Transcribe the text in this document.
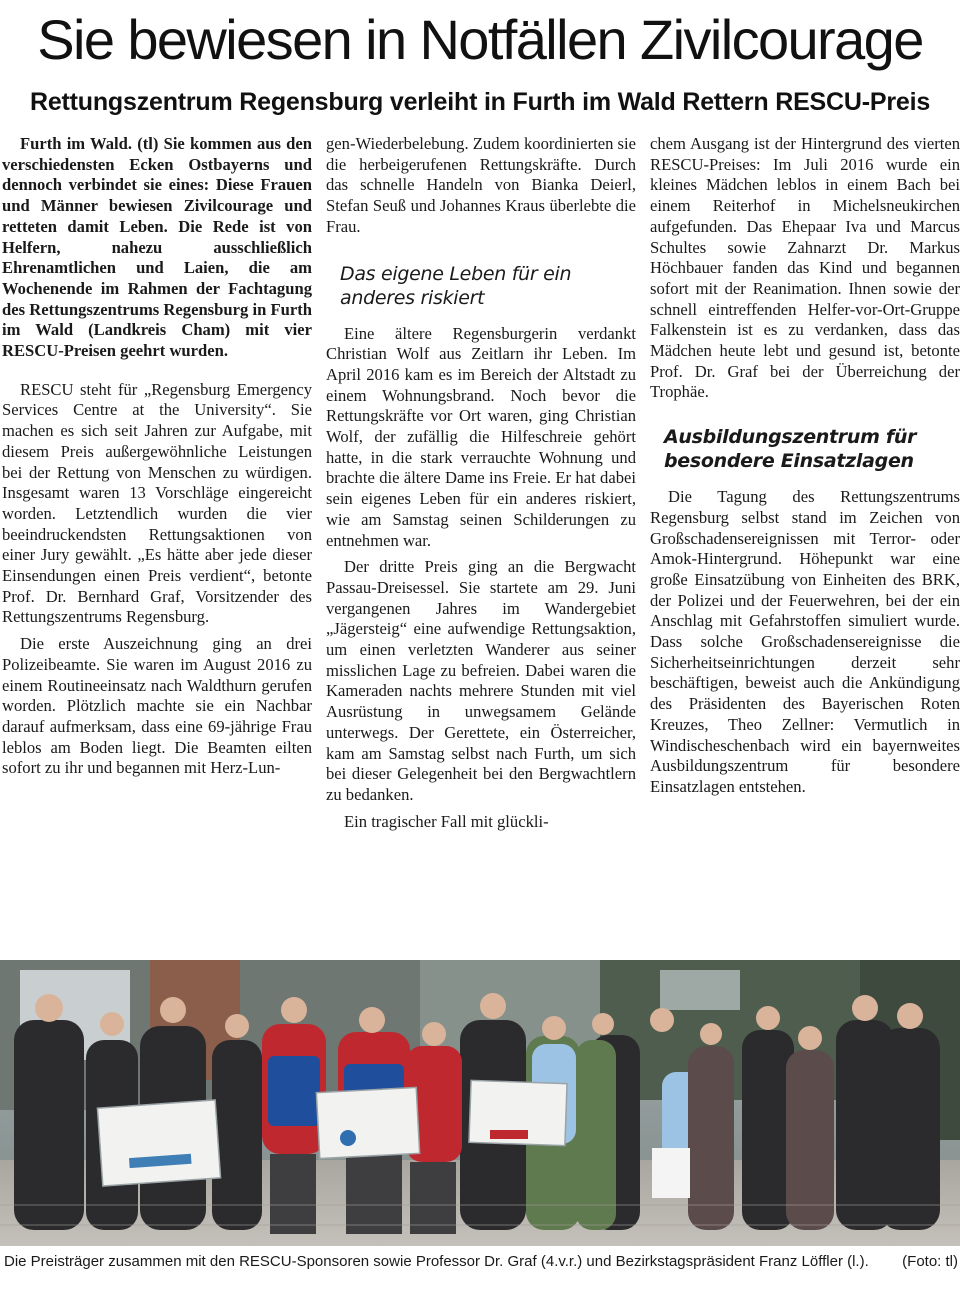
Sie bewiesen in Notfällen Zivilcourage
Rettungszentrum Regensburg verleiht in Furth im Wald Rettern RESCU-Preis

Furth im Wald. (tl) Sie kommen aus den verschiedensten Ecken Ostbayerns und dennoch verbindet sie eines: Diese Frauen und Männer bewiesen Zivilcourage und retteten damit Leben. Die Rede ist von Helfern, nahezu ausschließlich Ehrenamtlichen und Laien, die am Wochenende im Rahmen der Fachtagung des Rettungszentrums Regensburg in Furth im Wald (Landkreis Cham) mit vier RESCU-Preisen geehrt wurden.

RESCU steht für „Regensburg Emergency Services Centre at the University“. Sie machen es sich seit Jahren zur Aufgabe, mit diesem Preis außergewöhnliche Leistungen bei der Rettung von Menschen zu würdigen. Insgesamt waren 13 Vorschläge eingereicht worden. Letztendlich wurden die vier beeindruckendsten Rettungsaktionen von einer Jury gewählt. „Es hätte aber jede dieser Einsendungen einen Preis verdient“, betonte Prof. Dr. Bernhard Graf, Vorsitzender des Rettungszentrums Regensburg.

Die erste Auszeichnung ging an drei Polizeibeamte. Sie waren im August 2016 zu einem Routineeinsatz nach Waldthurn gerufen worden. Plötzlich machte sie ein Nachbar darauf aufmerksam, dass eine 69-jährige Frau leblos am Boden liegt. Die Beamten eilten sofort zu ihr und begannen mit Herz-Lun-

gen-Wiederbelebung. Zudem koordinierten sie die herbeigerufenen Rettungskräfte. Durch das schnelle Handeln von Bianka Deierl, Stefan Seuß und Johannes Kraus überlebte die Frau.

Das eigene Leben für ein anderes riskiert

Eine ältere Regensburgerin verdankt Christian Wolf aus Zeitlarn ihr Leben. Im April 2016 kam es im Bereich der Altstadt zu einem Wohnungsbrand. Noch bevor die Rettungskräfte vor Ort waren, ging Christian Wolf, der zufällig die Hilfeschreie gehört hatte, in die stark verrauchte Wohnung und brachte die ältere Dame ins Freie. Er hat dabei sein eigenes Leben für ein anderes riskiert, wie am Samstag seinen Schilderungen zu entnehmen war.

Der dritte Preis ging an die Bergwacht Passau-Dreisessel. Sie startete am 29. Juni vergangenen Jahres im Wandergebiet „Jägersteig“ eine aufwendige Rettungsaktion, um einen verletzten Wanderer aus seiner misslichen Lage zu befreien. Dabei waren die Kameraden nachts mehrere Stunden mit viel Ausrüstung in unwegsamem Gelände unterwegs. Der Gerettete, ein Österreicher, kam am Samstag selbst nach Furth, um sich bei dieser Gelegenheit bei den Bergwachtlern zu bedanken.

Ein tragischer Fall mit glückli-

chem Ausgang ist der Hintergrund des vierten RESCU-Preises: Im Juli 2016 wurde ein kleines Mädchen leblos in einem Bach bei einem Reiterhof in Michelsneukirchen aufgefunden. Das Ehepaar Iva und Marcus Schultes sowie Zahnarzt Dr. Markus Höchbauer fanden das Kind und begannen sofort mit der Reanimation. Ihnen sowie der schnell eintreffenden Helfer-vor-Ort-Gruppe Falkenstein ist es zu verdanken, dass das Mädchen heute lebt und gesund ist, betonte Prof. Dr. Graf bei der Überreichung der Trophäe.

Ausbildungszentrum für besondere Einsatzlagen

Die Tagung des Rettungszentrums Regensburg selbst stand im Zeichen von Großschadensereignissen mit Terror- oder Amok-Hintergrund. Höhepunkt war eine große Einsatzübung von Einheiten des BRK, der Polizei und der Feuerwehren, bei der ein Anschlag mit Gefahrstoffen simuliert wurde. Dass solche Großschadensereignisse die Sicherheitseinrichtungen derzeit sehr beschäftigen, beweist auch die Ankündigung des Präsidenten des Bayerischen Roten Kreuzes, Theo Zellner: Vermutlich in Windischeschenbach wird ein bayernweites Ausbildungszentrum für besondere Einsatzlagen entstehen.

Die Preisträger zusammen mit den RESCU-Sponsoren sowie Professor Dr. Graf (4.v.r.) und Bezirkstagspräsident Franz Löffler (l.). (Foto: tl)
